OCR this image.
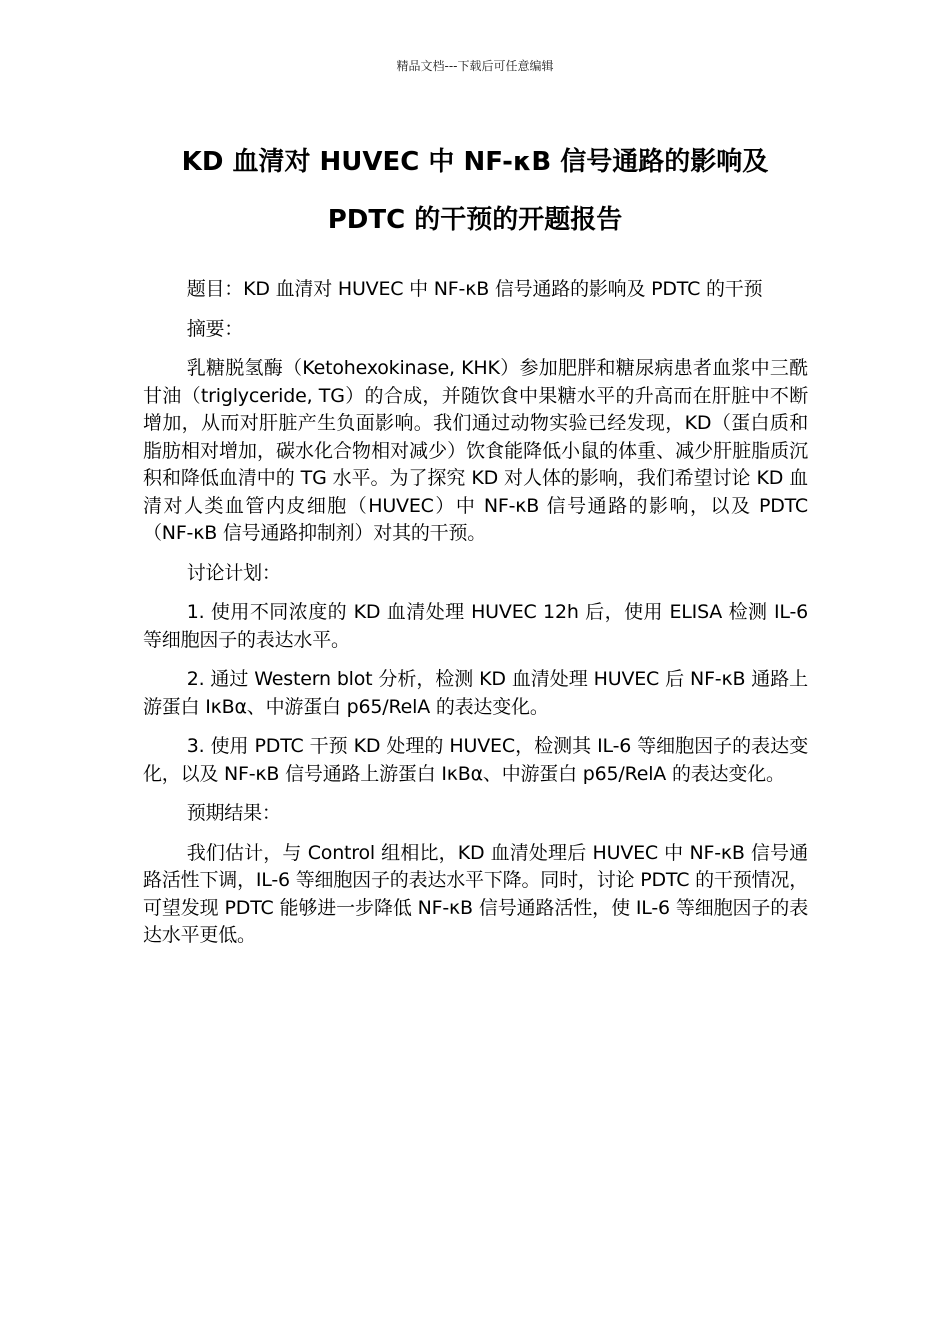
精品文档---下载后可任意编辑
KD 血清对 HUVEC 中 NF-κB 信号通路的影响及
PDTC 的干预的开题报告

题目：KD 血清对 HUVEC 中 NF-κB 信号通路的影响及 PDTC 的干预

摘要：

乳糖脱氢酶（Ketohexokinase, KHK）参加肥胖和糖尿病患者血浆中三酰甘油（triglyceride, TG）的合成，并随饮食中果糖水平的升高而在肝脏中不断增加，从而对肝脏产生负面影响。我们通过动物实验已经发现，KD（蛋白质和脂肪相对增加，碳水化合物相对减少）饮食能降低小鼠的体重、减少肝脏脂质沉积和降低血清中的 TG 水平。为了探究 KD 对人体的影响，我们希望讨论 KD 血清对人类血管内皮细胞（HUVEC）中 NF-κB 信号通路的影响，以及 PDTC（NF-κB 信号通路抑制剂）对其的干预。

讨论计划：

1. 使用不同浓度的 KD 血清处理 HUVEC 12h 后，使用 ELISA 检测 IL-6 等细胞因子的表达水平。

2. 通过 Western blot 分析，检测 KD 血清处理 HUVEC 后 NF-κB 通路上游蛋白 IκBα、中游蛋白 p65/RelA 的表达变化。

3. 使用 PDTC 干预 KD 处理的 HUVEC，检测其 IL-6 等细胞因子的表达变化，以及 NF-κB 信号通路上游蛋白 IκBα、中游蛋白 p65/RelA 的表达变化。

预期结果：

我们估计，与 Control 组相比，KD 血清处理后 HUVEC 中 NF-κB 信号通路活性下调，IL-6 等细胞因子的表达水平下降。同时，讨论 PDTC 的干预情况，可望发现 PDTC 能够进一步降低 NF-κB 信号通路活性，使 IL-6 等细胞因子的表达水平更低。
